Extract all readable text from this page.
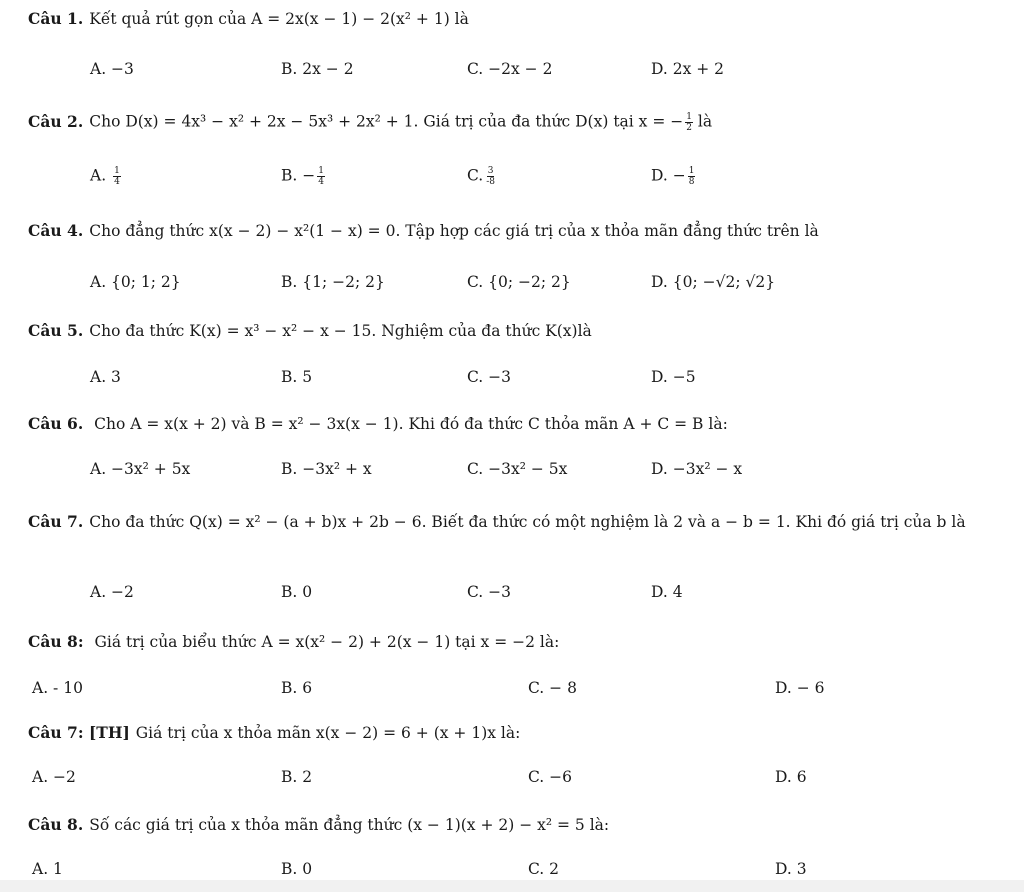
Câu 1. Kết quả rút gọn của A = 2x(x − 1) − 2(x² + 1) là
A. −3	B. 2x − 2	C. −2x − 2	D. 2x + 2
Câu 2. Cho D(x) = 4x³ − x² + 2x − 5x³ + 2x² + 1. Giá trị của đa thức D(x) tại x = − $\frac{1}{2}$ là
A. $\frac{1}{4}$	B. − $\frac{1}{4}$	C. $\frac{3}{-8}$	D. − $\frac{1}{8}$
Câu 4. Cho đẳng thức x(x − 2) − x²(1 − x) = 0. Tập hợp các giá trị của x thỏa mãn đẳng thức trên là
A. {0; 1; 2}	B. {1; −2; 2}	C. {0; −2; 2}	D. {0; −√2; √2}
Câu 5. Cho đa thức K(x) = x³ − x² − x − 15. Nghiệm của đa thức K(x)là
A. 3	B. 5	C. −3	D. −5
Câu 6. Cho A = x(x + 2) và B = x² − 3x(x − 1). Khi đó đa thức C thỏa mãn A + C = B là:
A. −3x² + 5x	B. −3x² + x	C. −3x² − 5x	D. −3x² − x
Câu 7. Cho đa thức Q(x) = x² − (a + b)x + 2b − 6. Biết đa thức có một nghiệm là 2 và a − b = 1. Khi đó giá trị của b là
A. −2	B. 0	C. −3	D. 4
Câu 8: Giá trị của biểu thức A = x(x² − 2) + 2(x − 1) tại x = −2 là:
A. - 10	B. 6	C. − 8	D. − 6
Câu 7: [TH] Giá trị của x thỏa mãn x(x − 2) = 6 + (x + 1)x là:
A. −2	B. 2	C. −6	D. 6
Câu 8. Số các giá trị của x thỏa mãn đẳng thức (x − 1)(x + 2) − x² = 5 là:
A. 1	B. 0	C. 2	D. 3
